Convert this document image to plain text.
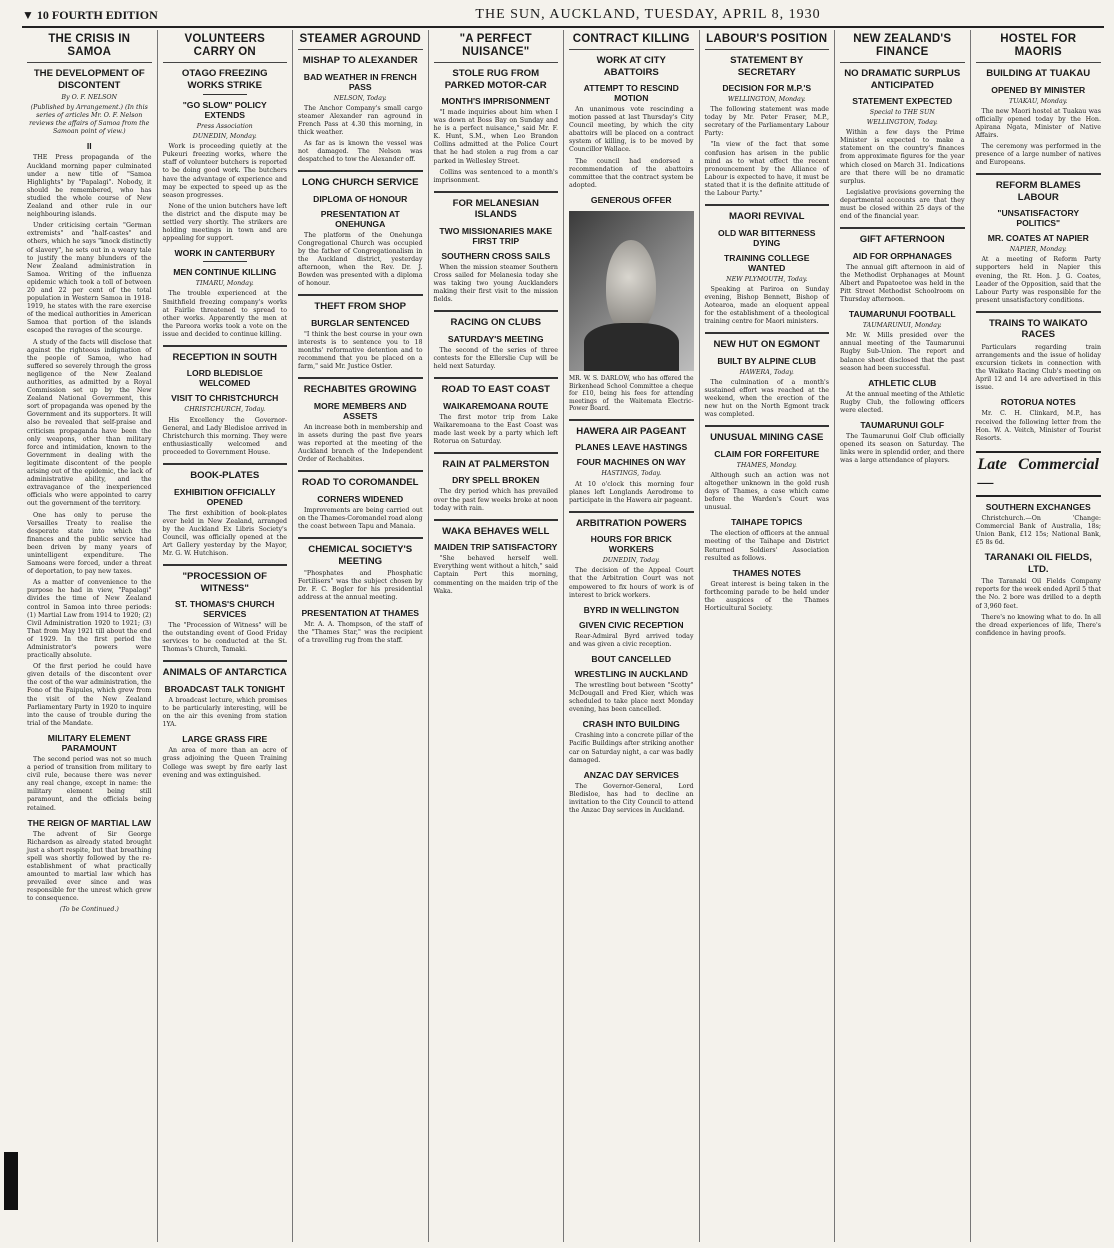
▼ 10 FOURTH EDITION	THE SUN, AUCKLAND, TUESDAY, APRIL 8, 1930
THE CRISIS IN SAMOA
THE DEVELOPMENT OF DISCONTENT
By O. F. NELSON
(Published by Arrangement.) (In this series of articles Mr. O. F. Nelson reviews the affairs of Samoa from the Samoan point of view.)
II

THE Press propaganda of the Auckland morning paper culminated under a new title of "Samoa Highlights" by "Papalagi". Nobody, it should be remembered, who has studied the whole course of New Zealand and other rule in our neighbouring islands.

Under criticising certain "German extremists" and "half-castes" and others, which he says "knock distinctly of slavery", he sets out in a weary tale to justify the many blunders of the New Zealand administration in Samoa. Writing of the influenza epidemic which took a toll of between 20 and 22 per cent of the total population in Western Samoa in 1918-1919, he states with the rare exercise of the medical authorities in American Samoa that portion of the islands escaped the ravages of the scourge.

A study of the facts will disclose that against the righteous indignation of the people of Samoa, who had suffered so severely through the gross negligence of the New Zealand authorities, as admitted by a Royal Commission set up by the New Zealand National Government, this sort of propaganda was opened by the Government and its supporters. It will also be revealed that self-praise and criticism propaganda have been the only weapons, other than military force and intimidation, known to the Government in dealing with the legitimate discontent of the people arising out of the epidemic, the lack of administrative ability, and the extravagance of the inexperienced officials who were appointed to carry out the government of the territory.

One has only to peruse the Versailles Treaty to realise the desperate state into which the finances and the public service had been driven by many years of unintelligent expenditure. The Samoans were forced, under a threat of deportation, to pay new taxes.

As a matter of convenience to the purpose he had in view, "Papalagi" divides the time of New Zealand control in Samoa into three periods: (1) Martial Law from 1914 to 1920; (2) Civil Administration 1920 to 1921; (3) That from May 1921 till about the end of 1929. In the first period the Administrator's powers were practically absolute.

Of the first period he could have given details of the discontent over the cost of the war administration, the Fono of the Faipules, which grew from the visit of the New Zealand Parliamentary Party in 1920 to inquire into the cause of trouble during the trial of the Mandate.

MILITARY ELEMENT PARAMOUNT

The second period was not so much a period of transition from military to civil rule, because there was never any real change, except in name: the military element being still paramount, and the officials being retained.

THE REIGN OF MARTIAL LAW

The advent of Sir George Richardson as already stated brought just a short respite, but that breathing spell was shortly followed by the re-establishment of what practically amounted to martial law which has prevailed ever since and was responsible for the unrest which grew to consequence.

(To be Continued.)
VOLUNTEERS CARRY ON
OTAGO FREEZING WORKS STRIKE
"GO SLOW" POLICY EXTENDS
Press Association
DUNEDIN, Monday.

Work is proceeding quietly at the Pukeuri freezing works, where the staff of volunteer butchers is reported to be doing good work. The butchers have the advantage of experience and may be expected to speed up as the season progresses.

None of the union butchers have left the district and the dispute may be settled very shortly. The strikers are holding meetings in town and are appealing for support.

WORK IN CANTERBURY
MEN CONTINUE KILLING
TIMARU, Monday.

The trouble experienced at the Smithfield freezing company's works at Fairlie threatened to spread to other works. Apparently the men at the Pareora works took a vote on the issue and decided to continue killing.

RECEPTION IN SOUTH
LORD BLEDISLOE WELCOMED
VISIT TO CHRISTCHURCH
CHRISTCHURCH, Today.

His Excellency the Governor-General, and Lady Bledisloe arrived in Christchurch this morning. They were enthusiastically welcomed and proceeded to Government House.

BOOK-PLATES
EXHIBITION OFFICIALLY OPENED

The first exhibition of book-plates ever held in New Zealand, arranged by the Auckland Ex Libris Society's Council, was officially opened at the Art Gallery yesterday by the Mayor, Mr. G. W. Hutchison.

"PROCESSION OF WITNESS"
ST. THOMAS'S CHURCH SERVICES

The "Procession of Witness" will be the outstanding event of Good Friday services to be conducted at the St. Thomas's Church, Tamaki.

ANIMALS OF ANTARCTICA
BROADCAST TALK TONIGHT

A broadcast lecture, which promises to be particularly interesting, will be on the air this evening from station 1YA.

LARGE GRASS FIRE

An area of more than an acre of grass adjoining the Queen Training College was swept by fire early last evening and was extinguished.

STEAMER AGROUND
MISHAP TO ALEXANDER
BAD WEATHER IN FRENCH PASS
NELSON, Today.

The Anchor Company's small cargo steamer Alexander ran aground in French Pass at 4.30 this morning, in thick weather.

As far as is known the vessel was not damaged. The Nelson was despatched to tow the Alexander off.

LONG CHURCH SERVICE
DIPLOMA OF HONOUR
PRESENTATION AT ONEHUNGA

The platform of the Onehunga Congregational Church was occupied by the father of Congregationalism in the Auckland district, yesterday afternoon, when the Rev. Dr. J. Bowden was presented with a diploma of honour.

THEFT FROM SHOP
BURGLAR SENTENCED

"I think the best course in your own interests is to sentence you to 18 months' reformative detention and to recommend that you be placed on a farm," said Mr. Justice Ostler.

RECHABITES GROWING
MORE MEMBERS AND ASSETS

An increase both in membership and in assets during the past five years was reported at the meeting of the Auckland branch of the Independent Order of Rechabites.

ROAD TO COROMANDEL
CORNERS WIDENED

Improvements are being carried out on the Thames-Coromandel road along the coast between Tapu and Manaia.

CHEMICAL SOCIETY'S MEETING

"Phosphates and Phosphatic Fertilisers" was the subject chosen by Dr. F. C. Bogler for his presidential address at the annual meeting.

PRESENTATION AT THAMES

Mr. A. A. Thompson, of the staff of the "Thames Star," was the recipient of a travelling rug from the staff.

"A PERFECT NUISANCE"
STOLE RUG FROM PARKED MOTOR-CAR
MONTH'S IMPRISONMENT

"I made inquiries about him when I was down at Boss Bay on Sunday and he is a perfect nuisance," said Mr. F. K. Hunt, S.M., when Leo Brandon Collins admitted at the Police Court that he had stolen a rug from a car parked in Wellesley Street.

Collins was sentenced to a month's imprisonment.

FOR MELANESIAN ISLANDS
TWO MISSIONARIES MAKE FIRST TRIP
SOUTHERN CROSS SAILS

When the mission steamer Southern Cross sailed for Melanesia today she was taking two young Aucklanders making their first visit to the mission fields.

RACING ON CLUBS
SATURDAY'S MEETING

The second of the series of three contests for the Ellerslie Cup will be held next Saturday.

ROAD TO EAST COAST
WAIKAREMOANA ROUTE

The first motor trip from Lake Waikaremoana to the East Coast was made last week by a party which left Rotorua on Saturday.

RAIN AT PALMERSTON
DRY SPELL BROKEN

The dry period which has prevailed over the past few weeks broke at noon today with rain.

WAKA BEHAVES WELL
MAIDEN TRIP SATISFACTORY

"She behaved herself well. Everything went without a hitch," said Captain Pert this morning, commenting on the maiden trip of the Waka.

CONTRACT KILLING
WORK AT CITY ABATTOIRS
ATTEMPT TO RESCIND MOTION

An unanimous vote rescinding a motion passed at last Thursday's City Council meeting, by which the city abattoirs will be placed on a contract system of killing, is to be moved by Councillor Wallace.

The council had endorsed a recommendation of the abattoirs committee that the contract system be adopted.

GENEROUS OFFER
MR. W. S. DARLOW, who has offered the Birkenhead School Committee a cheque for £10, being his fees for attending meetings of the Waitemata Electric-Power Board.
HAWERA AIR PAGEANT
PLANES LEAVE HASTINGS
FOUR MACHINES ON WAY
HASTINGS, Today.

At 10 o'clock this morning four planes left Longlands Aerodrome to participate in the Hawera air pageant.

ARBITRATION POWERS
HOURS FOR BRICK WORKERS
DUNEDIN, Today.

The decision of the Appeal Court that the Arbitration Court was not empowered to fix hours of work is of interest to brick workers.

BYRD IN WELLINGTON
GIVEN CIVIC RECEPTION

Rear-Admiral Byrd arrived today and was given a civic reception.

BOUT CANCELLED
WRESTLING IN AUCKLAND

The wrestling bout between "Scotty" McDougall and Fred Kier, which was scheduled to take place next Monday evening, has been cancelled.

CRASH INTO BUILDING

Crashing into a concrete pillar of the Pacific Buildings after striking another car on Saturday night, a car was badly damaged.

ANZAC DAY SERVICES

The Governor-General, Lord Bledisloe, has had to decline an invitation to the City Council to attend the Anzac Day services in Auckland.

LABOUR'S POSITION
STATEMENT BY SECRETARY
DECISION FOR M.P.'S
WELLINGTON, Monday.

The following statement was made today by Mr. Peter Fraser, M.P., secretary of the Parliamentary Labour Party:

"In view of the fact that some confusion has arisen in the public mind as to what effect the recent pronouncement by the Alliance of Labour is expected to have, it must be stated that it is the definite attitude of the Labour Party."

MAORI REVIVAL
OLD WAR BITTERNESS DYING
TRAINING COLLEGE WANTED
NEW PLYMOUTH, Today.

Speaking at Pariroa on Sunday evening, Bishop Bennett, Bishop of Aotearoa, made an eloquent appeal for the establishment of a theological training centre for Maori ministers.

NEW HUT ON EGMONT
BUILT BY ALPINE CLUB
HAWERA, Today.

The culmination of a month's sustained effort was reached at the weekend, when the erection of the new hut on the North Egmont track was completed.

UNUSUAL MINING CASE
CLAIM FOR FORFEITURE
THAMES, Monday.

Although such an action was not altogether unknown in the gold rush days of Thames, a case which came before the Warden's Court was unusual.

TAIHAPE TOPICS

The election of officers at the annual meeting of the Taihape and District Returned Soldiers' Association resulted as follows.

THAMES NOTES

Great interest is being taken in the forthcoming parade to be held under the auspices of the Thames Horticultural Society.

NEW ZEALAND'S FINANCE
NO DRAMATIC SURPLUS ANTICIPATED
STATEMENT EXPECTED
Special to THE SUN
WELLINGTON, Today.

Within a few days the Prime Minister is expected to make a statement on the country's finances from approximate figures for the year which closed on March 31. Indications are that there will be no dramatic surplus.

Legislative provisions governing the departmental accounts are that they must be closed within 25 days of the end of the financial year.

GIFT AFTERNOON
AID FOR ORPHANAGES

The annual gift afternoon in aid of the Methodist Orphanages at Mount Albert and Papatoetoe was held in the Pitt Street Methodist Schoolroom on Thursday afternoon.

TAUMARUNUI FOOTBALL
TAUMARUNUI, Monday.

Mr. W. Mills presided over the annual meeting of the Taumarunui Rugby Sub-Union. The report and balance sheet disclosed that the past season had been successful.

ATHLETIC CLUB

At the annual meeting of the Athletic Rugby Club, the following officers were elected.

TAUMARUNUI GOLF

The Taumarunui Golf Club officially opened its season on Saturday. The links were in splendid order, and there was a large attendance of players.

HOSTEL FOR MAORIS
BUILDING AT TUAKAU
OPENED BY MINISTER
TUAKAU, Monday.

The new Maori hostel at Tuakau was officially opened today by the Hon. Apirana Ngata, Minister of Native Affairs.

The ceremony was performed in the presence of a large number of natives and Europeans.

REFORM BLAMES LABOUR
"UNSATISFACTORY POLITICS"
MR. COATES AT NAPIER
NAPIER, Monday.

At a meeting of Reform Party supporters held in Napier this evening, the Rt. Hon. J. G. Coates, Leader of the Opposition, said that the Labour Party was responsible for the present unsatisfactory conditions.

TRAINS TO WAIKATO RACES

Particulars regarding train arrangements and the issue of holiday excursion tickets in connection with the Waikato Racing Club's meeting on April 12 and 14 are advertised in this issue.

ROTORUA NOTES

Mr. C. H. Clinkard, M.P., has received the following letter from the Hon. W. A. Veitch, Minister of Tourist Resorts.

Late Commercial—
SOUTHERN EXCHANGES

Christchurch.—On 'Change: Commercial Bank of Australia, 18s; Union Bank, £12 15s; National Bank, £5 8s 6d.

TARANAKI OIL FIELDS, LTD.

The Taranaki Oil Fields Company reports for the week ended April 5 that the No. 2 bore was drilled to a depth of 3,960 feet.

There's no knowing what to do. In all the dread experiences of life, There's confidence in having proofs.
